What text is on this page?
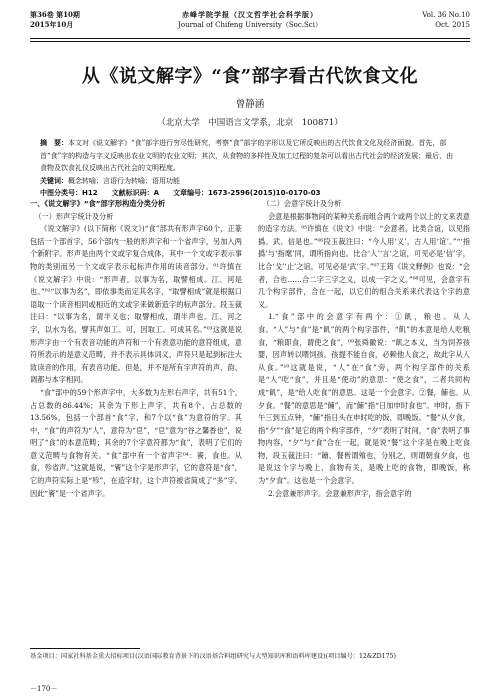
第36卷 第10期
2015年10月
赤峰学院学报（汉文哲学社会科学版）
Journal of Chifeng University（Soc.Sci）
Vol. 36 No.10
Oct. 2015
从《说文解字》“食”部字看古代饮食文化
曾静涵
（北京大学　中国语言文学系，北京　100871）

摘　要：本文对《说文解字》“食”部字进行穷尽性研究，考察“食”部字的字形以及它所反映出的古代饮食文化及经济面貌。首先，部首“食”字的构造与字义反映出农业文明的农业文明；其次，从食物的多样性及加工过程的复杂可以看出古代社会的经济发展；最后，由食物及饮食礼仪反映出古代社会的文明程度。

关键词：概念转喻；言语行为转喻；语用功能

中图分类号：H12　　文献标识码：A　　文章编号：1673-2596(2015)10-0170-03

一、《说文解字》“食”部字形构造分类分析

（一）形声字统计及分析

《说文解字》(以下简称《说文》)“食”部共有形声字60个，正篆包括一个部首字，56个部内一般的形声字和一个省声字，另加入两个新附字。形声是由两个文或字复合成体，其中一个文或字表示事物的类别而另一个文或字表示起标声作用的读音部分。⁰¹许慎在《说文解字》中说：“形声者，以事为名，取譬相成。江、河是也。”⁰²“以事为名”，即依事类而定其名字，“取譬相成”就是根据口语取一个读音相同或相近的文或字来做新造字的标声部分。段玉裁注曰：“以事为名，谓半义也；取譬相成，谓半声也。江、河之字，以水为名，譬其声如工、可，因取工、可成其名。”⁰³这就是说形声字由一个有表音功能的声符和一个有表意功能的意符组成，意符所表示的是意义范畴，并不表示具体词义，声符只是起到标注大致读音的作用，有表音功能。但是，并不是所有字声符的声、韵、调都与本字相同。

“食”部中的59个形声字中，大多数为左形右声字，共有51个，占总数的86.44%；其余为下形上声字，共有8个，占总数的13.56%，包括一个部首“食”字，和7个以“食”为意符的字。其中，“食”的声符为“人”，意符为“皀”，“皀”意为“谷之馨香也”，说明了“食”的本意范畴；其余的7个字意符都为“食”，表明了它们的意义范畴与食物有关。“食”部中有一个省声字⁰⁴：餈，食也。从食，殄省声。”这就是说，“餈”这个字是形声字，它的意符是“食”，它的声符实际上是“殄”，在造字时，这个声符被省简成了“多”字。因此“餈”是一个省声字。

（二）会意字统计及分析

会意是根据事物间的某种关系而组合两个或两个以上的文来表意的造字方法。⁰⁵许慎在《说文》中说：“会意者，比类合谊，以见指撝。武、信是也。”⁰⁶段玉裁注曰：“今人用‘义’，古人用‘谊’。”“‘指撝’与‘指麾’同，谓所指向也。比合‘人’‘言’之谊，可见必是‘信’字，比合‘戈’‘止’之谊，可见必是‘武’字。”⁰⁷王筠《说文释例》也说：“会者，合也……合二字三字之义，以成一字之义。”⁰⁸可见，会意字有几个构字部件，合在一起，以它们的组合关系来代表这个字的意义。

1.“食”部中的会意字有两个：①飢，粮也。从人食。“人”与“食”是“飢”的两个构字部件，“飢”的本意是给人吃粮食，“粮即食，谓使之食”，⁰⁹张舜徽说：“飢之本义，当为饲养孩婴，因声转以喂饲孩。孩提不能自食，必赖他人食之，故此字从人从食。”¹⁰这就是说，“人”在“食”旁，两个构字部件的关系是“人”吃“食”，并且是“使动”的意思：“使之食”，二者共同构成“飢”，是“给人吃食”的意思。这是一个会意字。②餐，餔也。从夕食。“餐”的意思是“餔”，而“餔”指“日加申时食也”。申时，指下午三到五点钟，“餔”指日头在申时吃的饭，即晚饭。“餐”从夕食，指“夕”“食”是它的两个构字部件，“夕”表明了时间，“食”表明了事物内容，“夕”与“食”合在一起，就是说“餐”这个字是在晚上吃食物，段玉裁注曰：“䭝、餐皆谓飧也，分别之，则谓朝食夕食，也是说这个字与晚上、食物有关，是晚上吃的食物，即晚饭，称为“夕食”。这也是一个会意字。

2.会意兼形声字。会意兼形声字，指会意字的

基金项目：国家社科基金重大招标项目(汉语国际教育背景下的汉语基合料组研究与大型知识库和语料库建设)(项目编号：12&ZD175)
－170－
